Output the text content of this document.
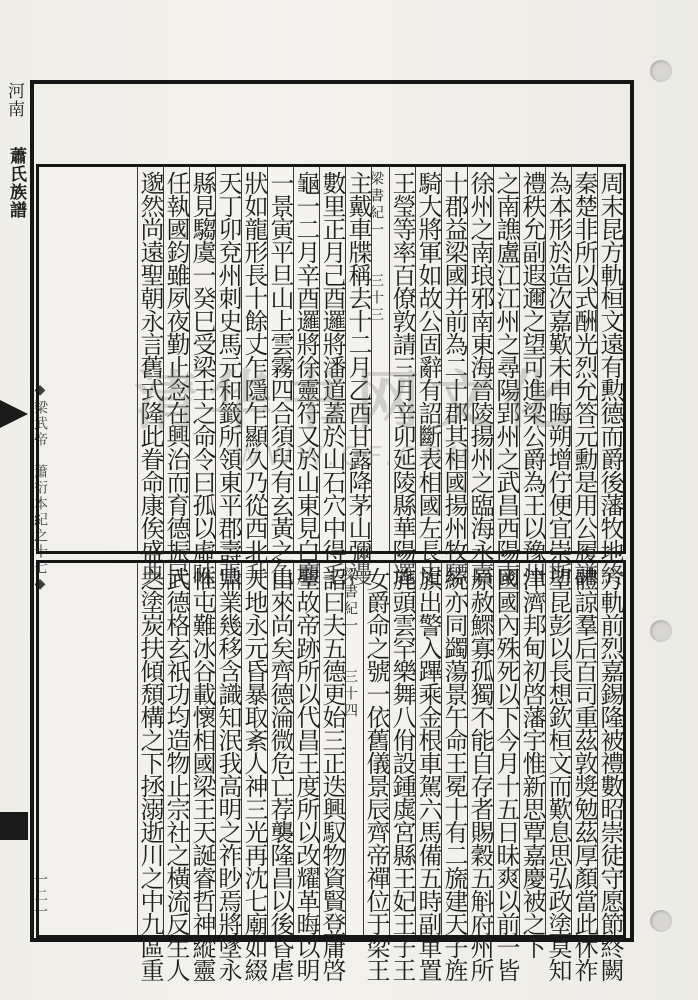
河南
蕭氏族譜
◆梁武帝　蕭衍本紀之十七◆
一二一
周末昆方軌桓文遠有勲德而爵後藩牧地終
秦楚非所以式酬光烈允答元勳是用公履謙
為本形於造次嘉歎未申晦朔增佇便宜崇斯
禮秩允副遐邇之望可進梁公爵為王以豫州
之南譙盧江江州之尋陽郢州之武昌西陽南
徐州之南琅邪南東海晉陵揚州之臨海永嘉
十郡益梁國并前為二十郡其相國揚州牧驃
騎大將軍如故公固辭有詔斷表相國左長史
王瑩等率百僚敦請三月辛卯延陵縣華陽邏
梁書紀一　　三十三
主戴車牒稱去十二月乙酉甘露降茅山彌漫
數里正月己酉邏將潘道蓋於山石穴中得毛
龜一二月辛酉邏將徐靈符又於山東見白麞
一景寅平旦山上雲霧四合須臾有玄黃之色
狀如龍形長十餘丈乍隱乍顯久乃從西北升
天丁卯兗州刺史馬元和籤所領東平郡壽張
縣見騶虞一癸巳受梁王之命令曰孤以虛昧
任執國鈞雖夙夜勤止念在興治而育德振民
邈然尚遠聖朝永言舊式隆此眷命康俟盛典
方軌前烈嘉錫隆被禮數昭崇徒守愿節終闕
體諒羣后百司重茲敦獎勉茲厚顏當此休祚
望昆彭以長想欽桓文而歎息思弘政塗莫知
津濟邦甸初啓藩宇惟新思覃嘉慶被之下
國國內殊死以下今月十五日昧爽以前一皆
原赦鰥寡孤獨不能自存者賜穀五斛府州所
統亦同蠲蕩景午命王冕十有二旒建天子旌
旗出警入蹕乘金根車駕六馬備五時副車置
旄頭雲罕樂舞八佾設鍾虡宮縣王妃王子王
女爵命之號一依舊儀景辰齊帝禪位于梁王
梁書紀一　　三十四
詔曰夫五德更始三正迭興馭物資賢登庸啓
聖故帝跡所以代昌王度所以改耀革晦以明
由來尚矣齊德淪微危亡荐襲隆昌以後昏虐
天地永元昏暴取紊人神三光再沈七廟如綴
鼎業幾移含識知泯我高明之祚眇焉將墜永
惟屯難冰谷載懷相國梁王天誕睿哲神縱靈
武德格玄祇功均造物止宗社之橫流反生人
之塗炭扶傾頹構之下拯溺逝川之中九區重
清华书网文化
WWW.QF.COM
